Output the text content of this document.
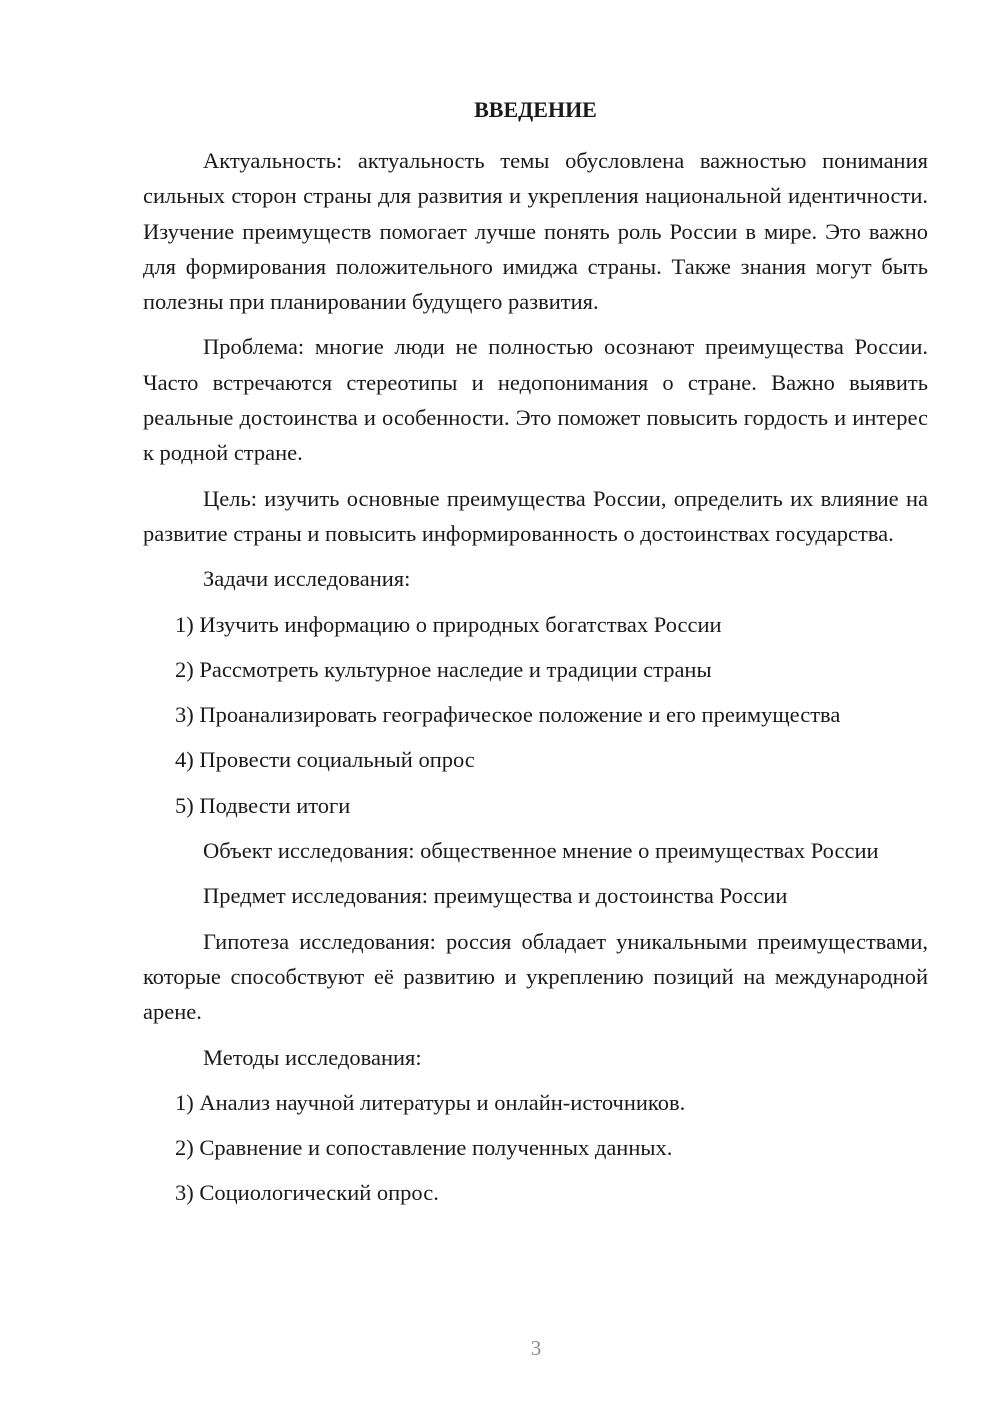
ВВЕДЕНИЕ

Актуальность: актуальность темы обусловлена важностью понимания сильных сторон страны для развития и укрепления национальной идентичности. Изучение преимуществ помогает лучше понять роль России в мире. Это важно для формирования положительного имиджа страны. Также знания могут быть полезны при планировании будущего развития.

Проблема: многие люди не полностью осознают преимущества России. Часто встречаются стереотипы и недопонимания о стране. Важно выявить реальные достоинства и особенности. Это поможет повысить гордость и интерес к родной стране.

Цель: изучить основные преимущества России, определить их влияние на развитие страны и повысить информированность о достоинствах государства.

Задачи исследования:

1) Изучить информацию о природных богатствах России

2) Рассмотреть культурное наследие и традиции страны

3) Проанализировать географическое положение и его преимущества

4) Провести социальный опрос

5) Подвести итоги

Объект исследования: общественное мнение о преимуществах России

Предмет исследования: преимущества и достоинства России

Гипотеза исследования: россия обладает уникальными преимуществами, которые способствуют её развитию и укреплению позиций на международной арене.

Методы исследования:

1) Анализ научной литературы и онлайн-источников.

2) Сравнение и сопоставление полученных данных.

3) Социологический опрос.

3
